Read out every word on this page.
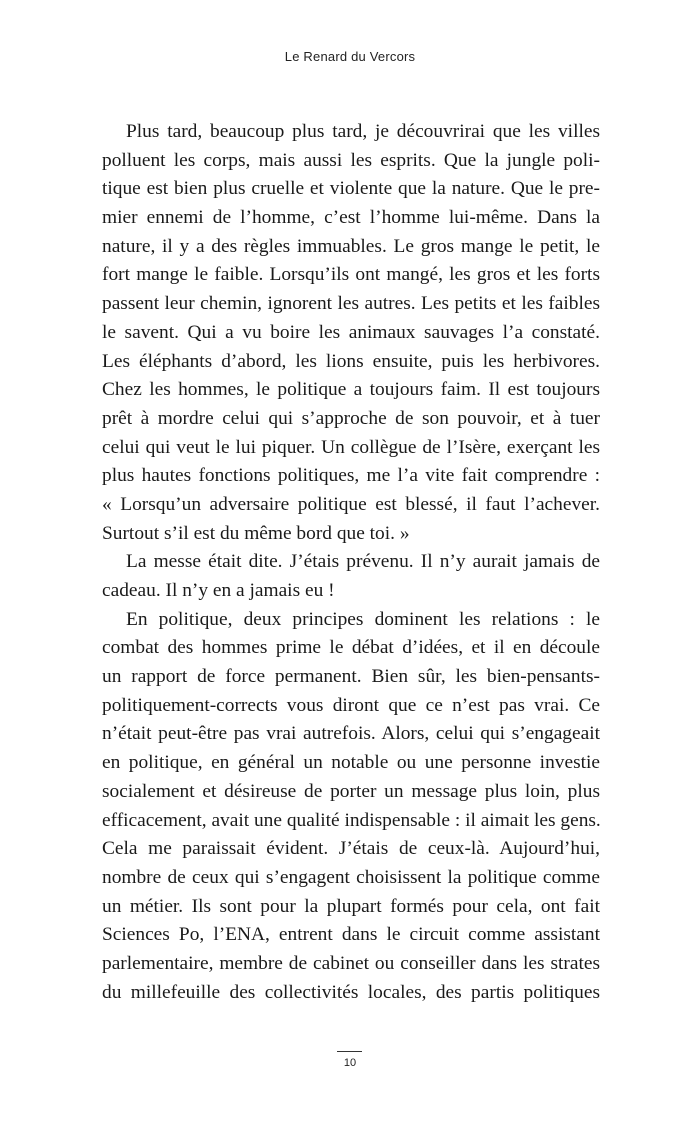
Le Renard du Vercors
Plus tard, beaucoup plus tard, je découvrirai que les villes
polluent les corps, mais aussi les esprits. Que la jungle poli-
tique est bien plus cruelle et violente que la nature. Que le pre-
mier ennemi de l’homme, c’est l’homme lui-même. Dans la
nature, il y a des règles immuables. Le gros mange le petit, le
fort mange le faible. Lorsqu’ils ont mangé, les gros et les forts
passent leur chemin, ignorent les autres. Les petits et les faibles
le savent. Qui a vu boire les animaux sauvages l’a constaté.
Les éléphants d’abord, les lions ensuite, puis les herbivores.
Chez les hommes, le politique a toujours faim. Il est toujours
prêt à mordre celui qui s’approche de son pouvoir, et à tuer
celui qui veut le lui piquer. Un collègue de l’Isère, exerçant les
plus hautes fonctions politiques, me l’a vite fait comprendre :
« Lorsqu’un adversaire politique est blessé, il faut l’achever.
Surtout s’il est du même bord que toi. »
La messe était dite. J’étais prévenu. Il n’y aurait jamais de
cadeau. Il n’y en a jamais eu !
En politique, deux principes dominent les relations : le
combat des hommes prime le débat d’idées, et il en découle
un rapport de force permanent. Bien sûr, les bien-pensants-
politiquement-corrects vous diront que ce n’est pas vrai. Ce
n’était peut-être pas vrai autrefois. Alors, celui qui s’engageait
en politique, en général un notable ou une personne investie
socialement et désireuse de porter un message plus loin, plus
efficacement, avait une qualité indispensable : il aimait les gens.
Cela me paraissait évident. J’étais de ceux-là. Aujourd’hui,
nombre de ceux qui s’engagent choisissent la politique comme
un métier. Ils sont pour la plupart formés pour cela, ont fait
Sciences Po, l’ENA, entrent dans le circuit comme assistant
parlementaire, membre de cabinet ou conseiller dans les strates
du millefeuille des collectivités locales, des partis politiques
10
